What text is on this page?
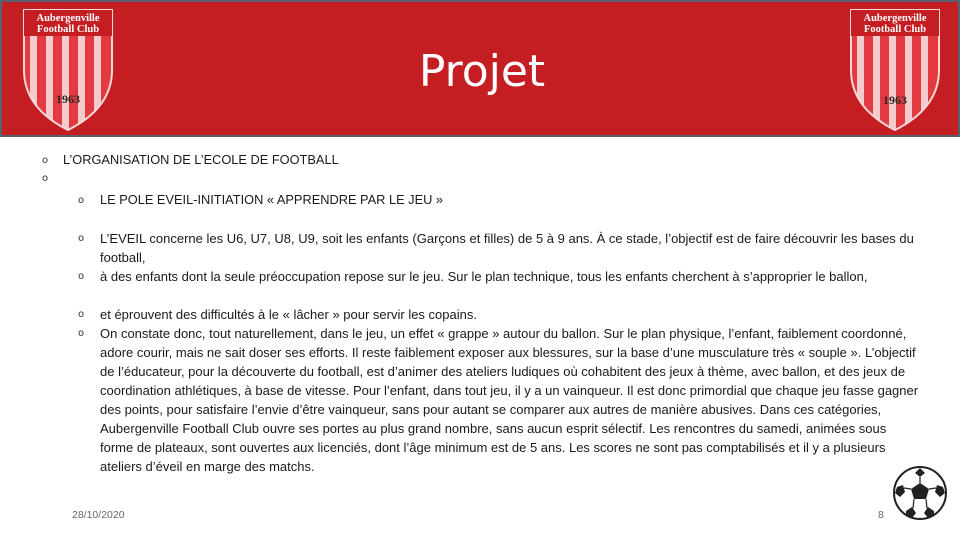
Aubergenville
Football Club
1963
Projet
Aubergenville
Football Club
1963
o L’ORGANISATION DE L’ECOLE DE FOOTBALL
o
o LE POLE EVEIL-INITIATION « APPRENDRE PAR LE JEU »
o L’EVEIL concerne les U6, U7, U8, U9, soit les enfants (Garçons et filles) de 5 à 9 ans. À ce stade, l’objectif est de faire découvrir les bases du football,
o à des enfants dont la seule préoccupation repose sur le jeu. Sur le plan technique, tous les enfants cherchent à s’approprier le ballon,
o et éprouvent des difficultés à le « lâcher » pour servir les copains.
o On constate donc, tout naturellement, dans le jeu, un effet « grappe » autour du ballon. Sur le plan physique, l’enfant, faiblement coordonné, adore courir, mais ne sait doser ses efforts. Il reste faiblement exposer aux blessures, sur la base d’une musculature très « souple ». L’objectif de l’éducateur, pour la découverte du football, est d’animer des ateliers ludiques où cohabitent des jeux à thème, avec ballon, et des jeux de coordination athlétiques, à base de vitesse. Pour l’enfant, dans tout jeu, il y a un vainqueur. Il est donc primordial que chaque jeu fasse gagner des points, pour satisfaire l’envie d’être vainqueur, sans pour autant se comparer aux autres de manière abusives. Dans ces catégories, Aubergenville Football Club ouvre ses portes au plus grand nombre, sans aucun esprit sélectif. Les rencontres du samedi, animées sous forme de plateaux, sont ouvertes aux licenciés, dont l’âge minimum est de 5 ans. Les scores ne sont pas comptabilisés et il y a plusieurs ateliers d’éveil en marge des matchs.
28/10/2020	8
